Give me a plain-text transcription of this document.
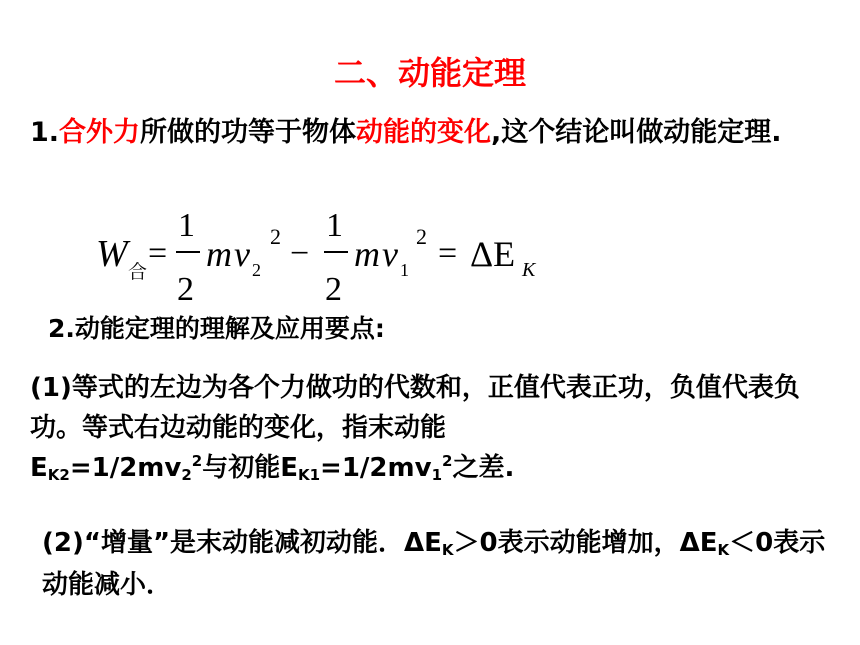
二、动能定理
1.合外力所做的功等于物体动能的变化,这个结论叫做动能定理.
W 合
=
1
2
m v 2
2 −
1
2
m v 1
2 = ΔE K
2.动能定理的理解及应用要点:
(1)等式的左边为各个力做功的代数和，正值代表正功，负值代表负功。等式右边动能的变化，指末动能
$E_{K2}=1/2mv_2^2$与初能$E_{K1}=1/2mv_1^2$之差.
(2)“增量”是末动能减初动能．$\Delta E_K>0$表示动能增加，$\Delta E_K<0$表示动能减小．
